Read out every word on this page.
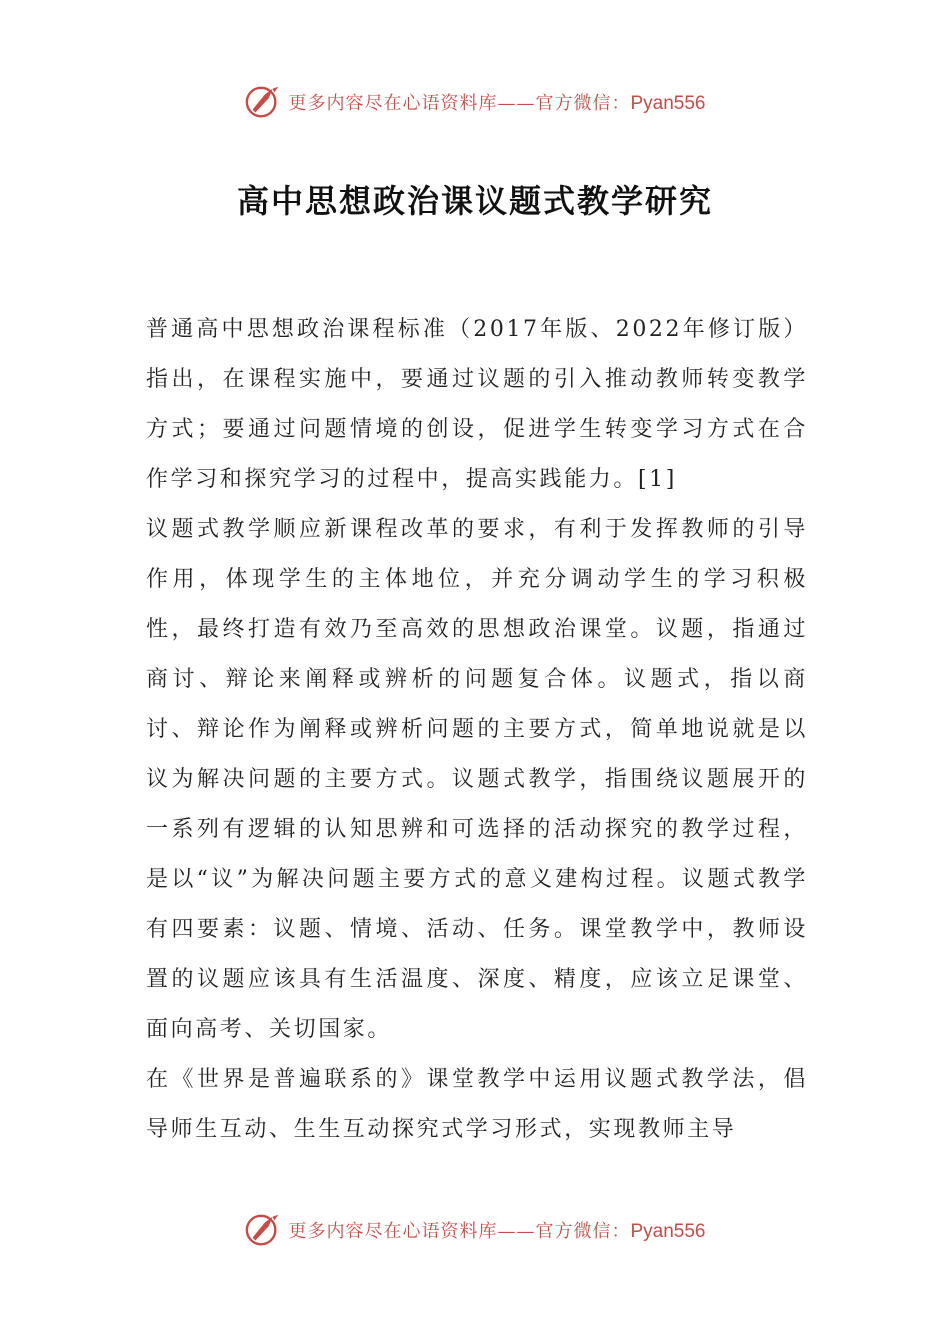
更多内容尽在心语资料库——官方微信：Pyan556
高中思想政治课议题式教学研究

普通高中思想政治课程标准（2017年版、2022年修订版）指出，在课程实施中，要通过议题的引入推动教师转变教学方式；要通过问题情境的创设，促进学生转变学习方式在合作学习和探究学习的过程中，提高实践能力。[1]

议题式教学顺应新课程改革的要求，有利于发挥教师的引导作用，体现学生的主体地位，并充分调动学生的学习积极性，最终打造有效乃至高效的思想政治课堂。议题，指通过商讨、辩论来阐释或辨析的问题复合体。议题式，指以商讨、辩论作为阐释或辨析问题的主要方式，简单地说就是以议为解决问题的主要方式。议题式教学，指围绕议题展开的一系列有逻辑的认知思辨和可选择的活动探究的教学过程，是以“议”为解决问题主要方式的意义建构过程。议题式教学有四要素：议题、情境、活动、任务。课堂教学中，教师设置的议题应该具有生活温度、深度、精度，应该立足课堂、面向高考、关切国家。

在《世界是普遍联系的》课堂教学中运用议题式教学法，倡导师生互动、生生互动探究式学习形式，实现教师主导

更多内容尽在心语资料库——官方微信：Pyan556
